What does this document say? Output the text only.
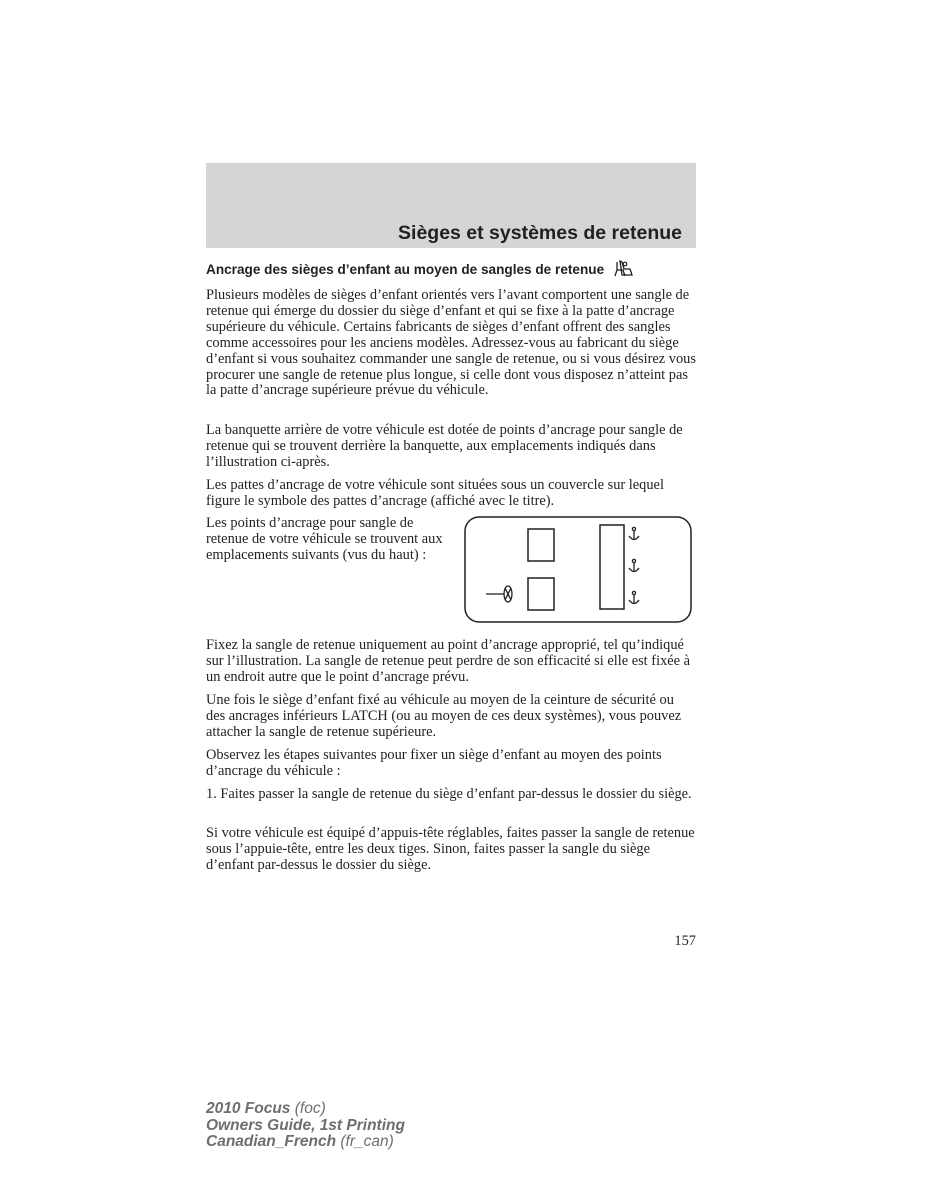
Sièges et systèmes de retenue
Ancrage des sièges d’enfant au moyen de sangles de retenue

Plusieurs modèles de sièges d’enfant orientés vers l’avant comportent une sangle de retenue qui émerge du dossier du siège d’enfant et qui se fixe à la patte d’ancrage supérieure du véhicule. Certains fabricants de sièges d’enfant offrent des sangles comme accessoires pour les anciens modèles. Adressez-vous au fabricant du siège d’enfant si vous souhaitez commander une sangle de retenue, ou si vous désirez vous procurer une sangle de retenue plus longue, si celle dont vous disposez n’atteint pas la patte d’ancrage supérieure prévue du véhicule.

La banquette arrière de votre véhicule est dotée de points d’ancrage pour sangle de retenue qui se trouvent derrière la banquette, aux emplacements indiqués dans l’illustration ci-après.

Les pattes d’ancrage de votre véhicule sont situées sous un couvercle sur lequel figure le symbole des pattes d’ancrage (affiché avec le titre).

Les points d’ancrage pour sangle de retenue de votre véhicule se trouvent aux emplacements suivants (vus du haut) :

Fixez la sangle de retenue uniquement au point d’ancrage approprié, tel qu’indiqué sur l’illustration. La sangle de retenue peut perdre de son efficacité si elle est fixée à un endroit autre que le point d’ancrage prévu.

Une fois le siège d’enfant fixé au véhicule au moyen de la ceinture de sécurité ou des ancrages inférieurs LATCH (ou au moyen de ces deux systèmes), vous pouvez attacher la sangle de retenue supérieure.

Observez les étapes suivantes pour fixer un siège d’enfant au moyen des points d’ancrage du véhicule :

1. Faites passer la sangle de retenue du siège d’enfant par-dessus le dossier du siège.

Si votre véhicule est équipé d’appuis-tête réglables, faites passer la sangle de retenue sous l’appuie-tête, entre les deux tiges. Sinon, faites passer la sangle du siège d’enfant par-dessus le dossier du siège.

157
2010 Focus (foc)
Owners Guide, 1st Printing
Canadian_French (fr_can)
